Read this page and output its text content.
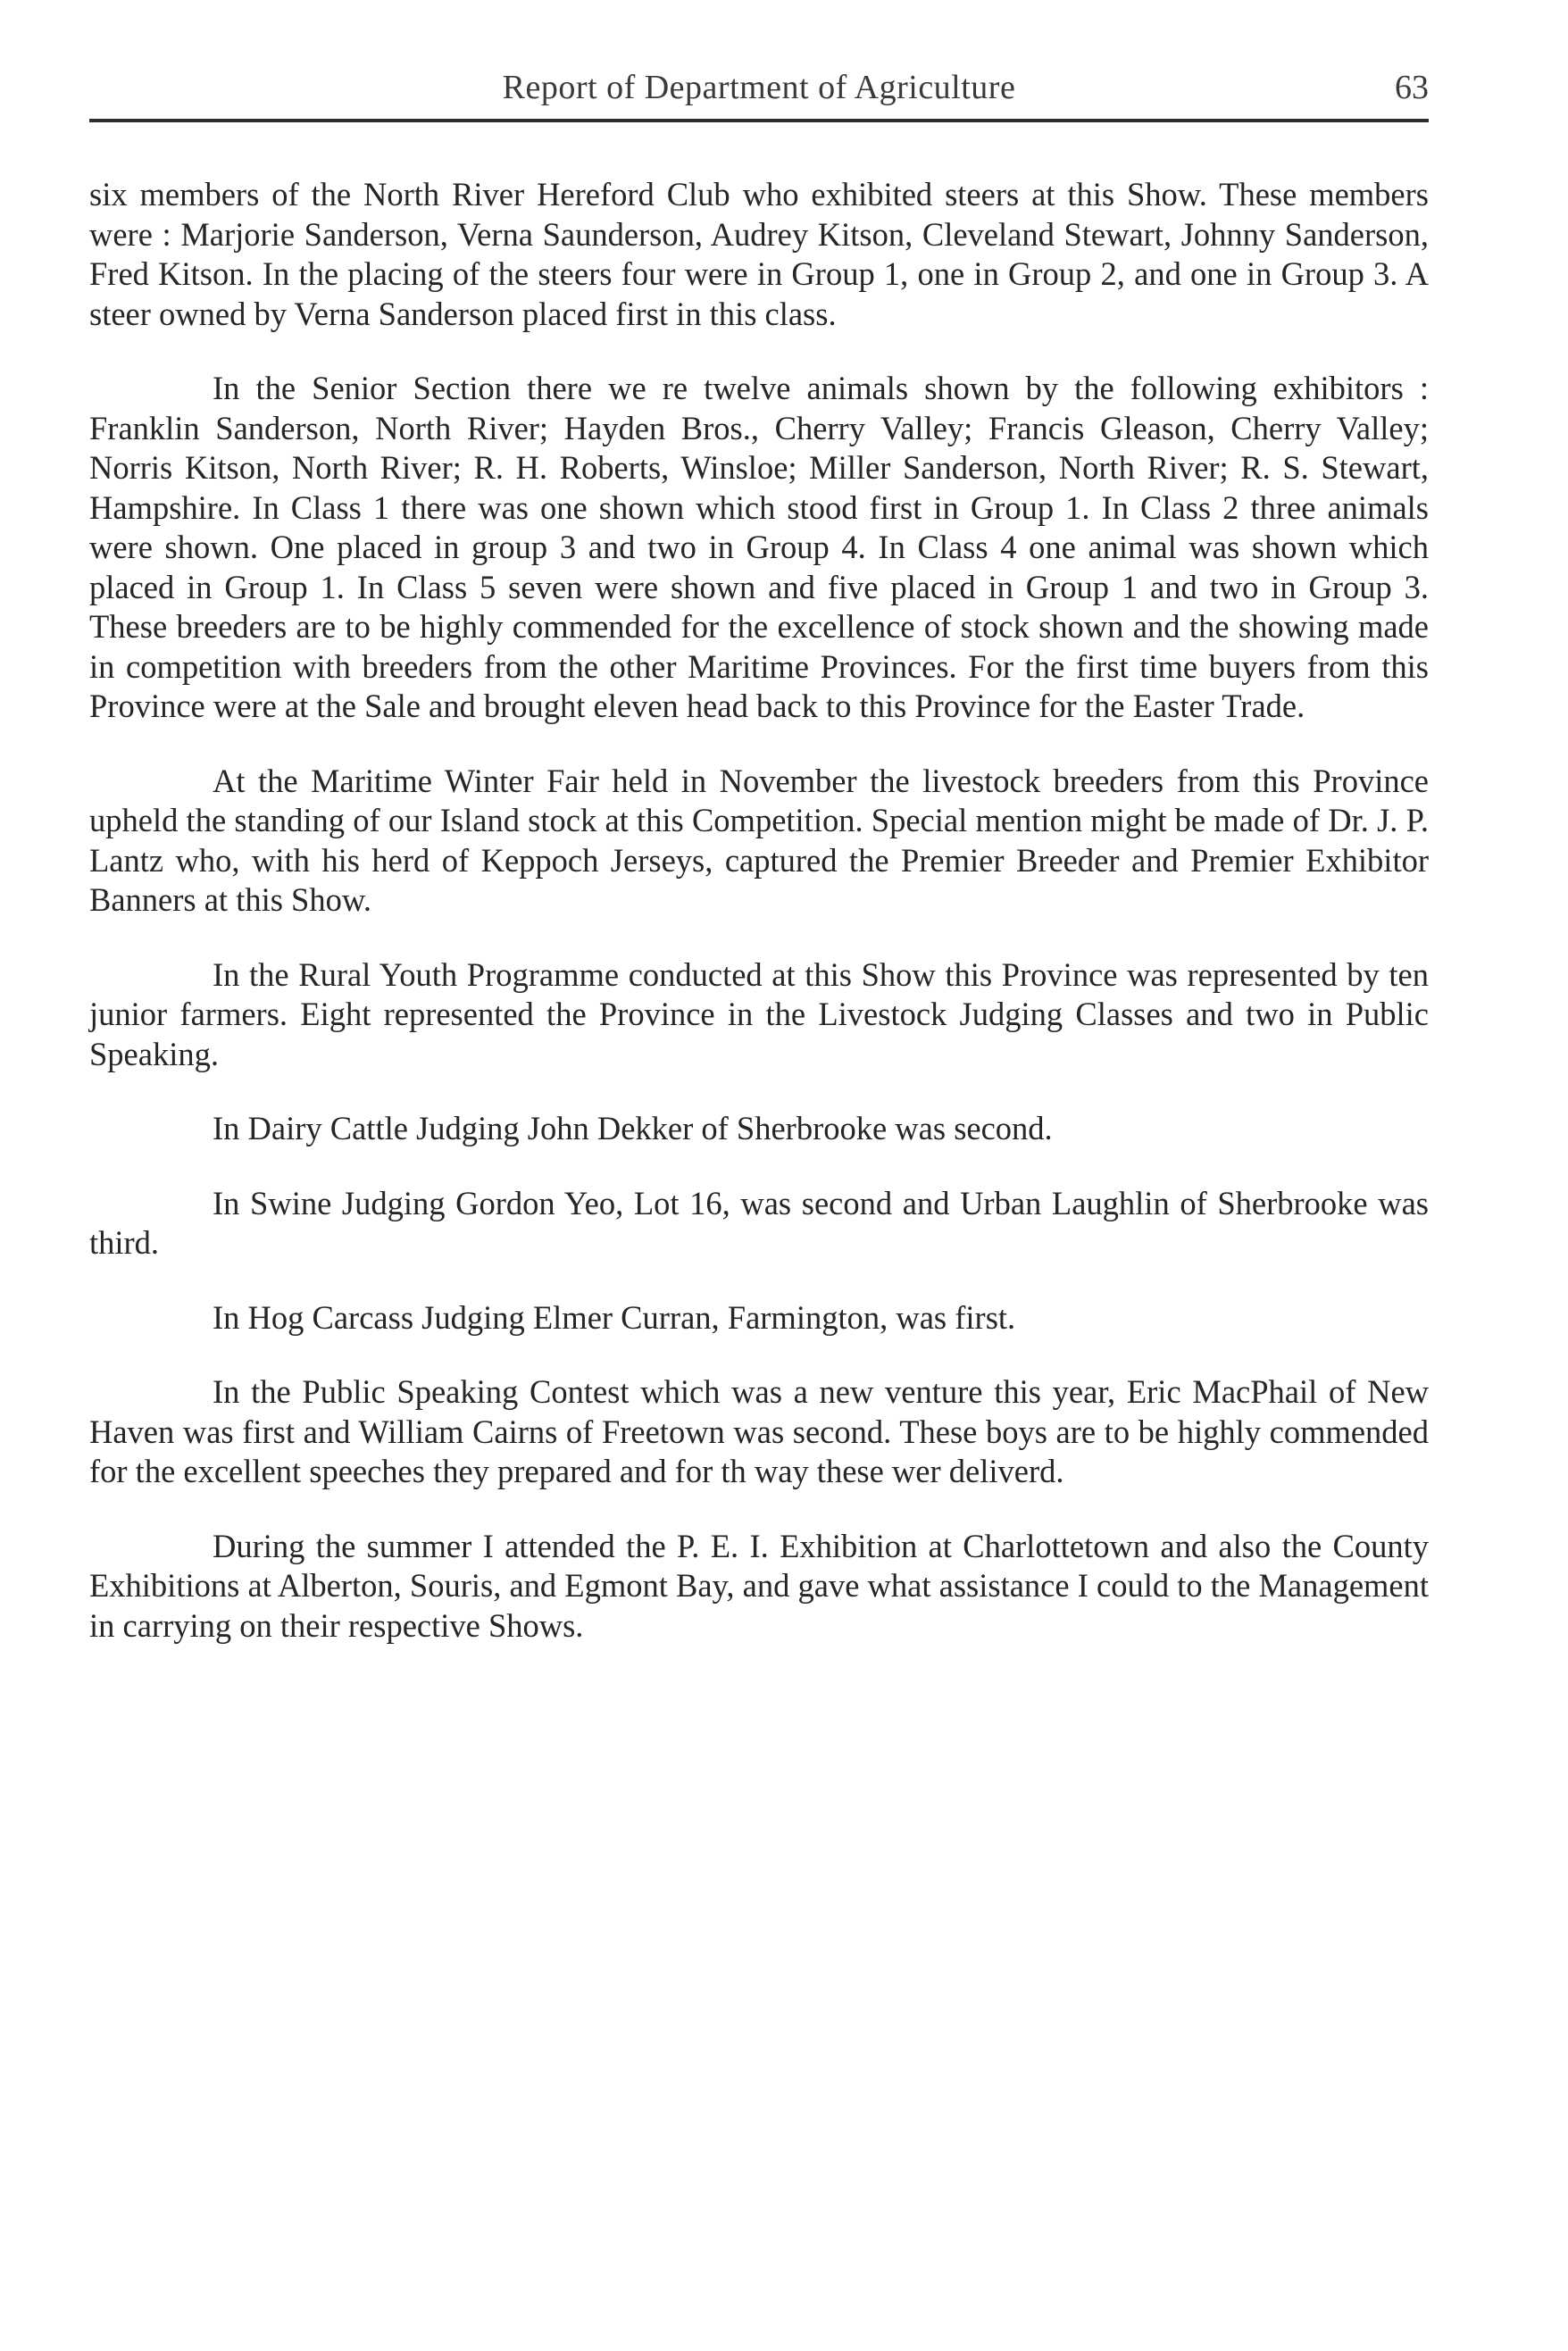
Report of Department of Agriculture	63

six members of the North River Hereford Club who exhibited steers at this Show. These members were : Marjorie Sanderson, Verna Saunderson, Audrey Kitson, Cleveland Stewart, Johnny Sanderson, Fred Kitson. In the placing of the steers four were in Group 1, one in Group 2, and one in Group 3. A steer owned by Verna Sanderson placed first in this class.

In the Senior Section there we re twelve animals shown by the following exhibitors : Franklin Sanderson, North River; Hayden Bros., Cherry Valley; Francis Gleason, Cherry Valley; Norris Kitson, North River; R. H. Roberts, Winsloe; Miller Sanderson, North River; R. S. Stewart, Hampshire. In Class 1 there was one shown which stood first in Group 1. In Class 2 three animals were shown. One placed in group 3 and two in Group 4. In Class 4 one animal was shown which placed in Group 1. In Class 5 seven were shown and five placed in Group 1 and two in Group 3. These breeders are to be highly commended for the excellence of stock shown and the showing made in competition with breeders from the other Maritime Provinces. For the first time buyers from this Province were at the Sale and brought eleven head back to this Province for the Easter Trade.

At the Maritime Winter Fair held in November the livestock breeders from this Province upheld the standing of our Island stock at this Competition. Special mention might be made of Dr. J. P. Lantz who, with his herd of Keppoch Jerseys, captured the Premier Breeder and Premier Exhibitor Banners at this Show.

In the Rural Youth Programme conducted at this Show this Province was represented by ten junior farmers. Eight represented the Province in the Livestock Judging Classes and two in Public Speaking.

In Dairy Cattle Judging John Dekker of Sherbrooke was second.

In Swine Judging Gordon Yeo, Lot 16, was second and Urban Laughlin of Sherbrooke was third.

In Hog Carcass Judging Elmer Curran, Farmington, was first.

In the Public Speaking Contest which was a new venture this year, Eric MacPhail of New Haven was first and William Cairns of Freetown was second. These boys are to be highly commended for the excellent speeches they prepared and for th way these wer deliverd.

During the summer I attended the P. E. I. Exhibition at Charlottetown and also the County Exhibitions at Alberton, Souris, and Egmont Bay, and gave what assistance I could to the Management in carrying on their respective Shows.
